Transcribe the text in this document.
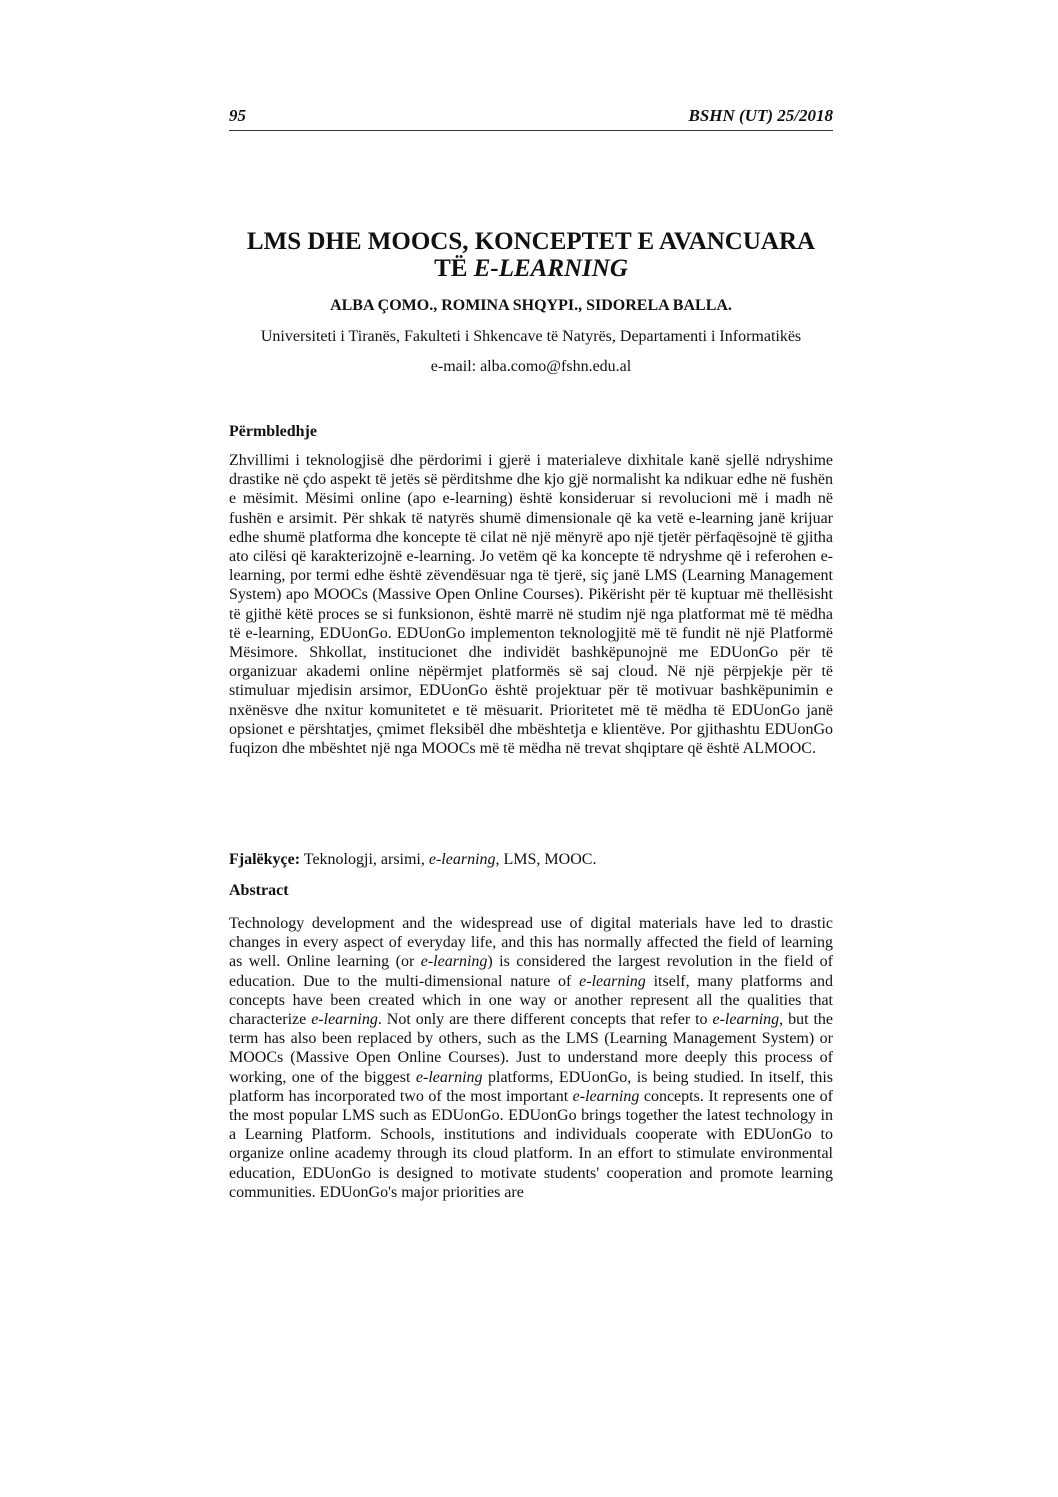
95	BSHN (UT) 25/2018
LMS DHE MOOCS, KONCEPTET E AVANCUARA
TË E-LEARNING
ALBA ÇOMO., ROMINA SHQYPI., SIDORELA BALLA.
Universiteti i Tiranës, Fakulteti i Shkencave të Natyrës, Departamenti i Informatikës
e-mail: alba.como@fshn.edu.al
Përmbledhje

Zhvillimi i teknologjisë dhe përdorimi i gjerë i materialeve dixhitale kanë sjellë ndryshime drastike në çdo aspekt të jetës së përditshme dhe kjo gjë normalisht ka ndikuar edhe në fushën e mësimit. Mësimi online (apo e-learning) është konsideruar si revolucioni më i madh në fushën e arsimit. Për shkak të natyrës shumë dimensionale që ka vetë e-learning janë krijuar edhe shumë platforma dhe koncepte të cilat në një mënyrë apo një tjetër përfaqësojnë të gjitha ato cilësi që karakterizojnë e-learning. Jo vetëm që ka koncepte të ndryshme që i referohen e-learning, por termi edhe është zëvendësuar nga të tjerë, siç janë LMS (Learning Management System) apo MOOCs (Massive Open Online Courses). Pikërisht për të kuptuar më thellësisht të gjithë këtë proces se si funksionon, është marrë në studim një nga platformat më të mëdha të e-learning, EDUonGo. EDUonGo implementon teknologjitë më të fundit në një Platformë Mësimore. Shkollat, institucionet dhe individët bashkëpunojnë me EDUonGo për të organizuar akademi online nëpërmjet platformës së saj cloud. Në një përpjekje për të stimuluar mjedisin arsimor, EDUonGo është projektuar për të motivuar bashkëpunimin e nxënësve dhe nxitur komunitetet e të mësuarit. Prioritetet më të mëdha të EDUonGo janë opsionet e përshtatjes, çmimet fleksibël dhe mbështetja e klientëve. Por gjithashtu EDUonGo fuqizon dhe mbështet një nga MOOCs më të mëdha në trevat shqiptare që është ALMOOC.

Fjalëkyçe: Teknologji, arsimi, e-learning, LMS, MOOC.
Abstract

Technology development and the widespread use of digital materials have led to drastic changes in every aspect of everyday life, and this has normally affected the field of learning as well. Online learning (or e-learning) is considered the largest revolution in the field of education. Due to the multi-dimensional nature of e-learning itself, many platforms and concepts have been created which in one way or another represent all the qualities that characterize e-learning. Not only are there different concepts that refer to e-learning, but the term has also been replaced by others, such as the LMS (Learning Management System) or MOOCs (Massive Open Online Courses). Just to understand more deeply this process of working, one of the biggest e-learning platforms, EDUonGo, is being studied. In itself, this platform has incorporated two of the most important e-learning concepts. It represents one of the most popular LMS such as EDUonGo. EDUonGo brings together the latest technology in a Learning Platform. Schools, institutions and individuals cooperate with EDUonGo to organize online academy through its cloud platform. In an effort to stimulate environmental education, EDUonGo is designed to motivate students' cooperation and promote learning communities. EDUonGo's major priorities are
